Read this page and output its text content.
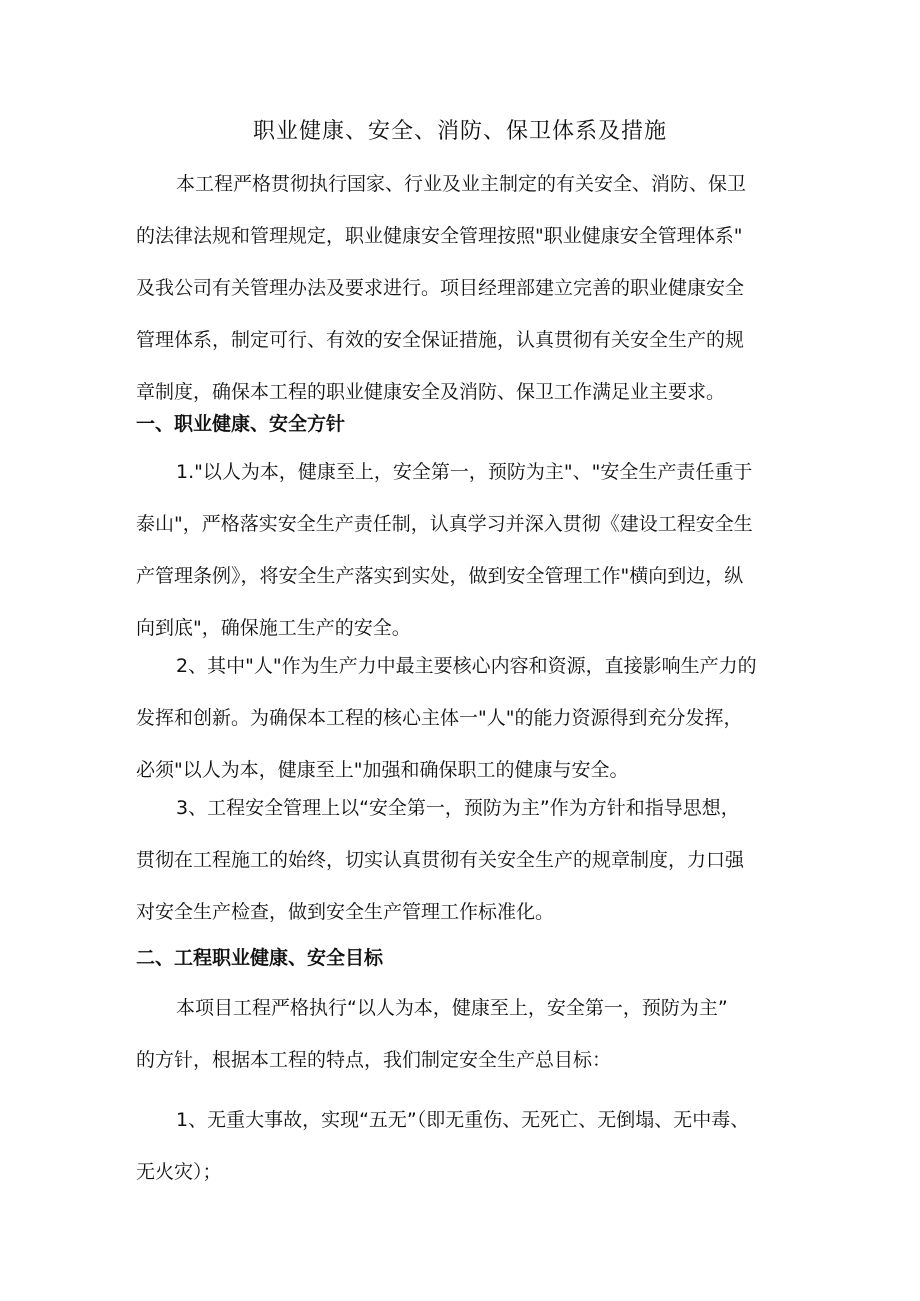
职业健康、安全、消防、保卫体系及措施
本工程严格贯彻执行国家、行业及业主制定的有关安全、消防、保卫
的法律法规和管理规定，职业健康安全管理按照"职业健康安全管理体系"
及我公司有关管理办法及要求进行。项目经理部建立完善的职业健康安全
管理体系，制定可行、有效的安全保证措施，认真贯彻有关安全生产的规
章制度，确保本工程的职业健康安全及消防、保卫工作满足业主要求。
一、职业健康、安全方针
1."以人为本，健康至上，安全第一，预防为主"、"安全生产责任重于
泰山"，严格落实安全生产责任制，认真学习并深入贯彻《建设工程安全生
产管理条例》，将安全生产落实到实处，做到安全管理工作"横向到边，纵
向到底"，确保施工生产的安全。
2、其中"人"作为生产力中最主要核心内容和资源，直接影响生产力的
发挥和创新。为确保本工程的核心主体一"人"的能力资源得到充分发挥，
必须"以人为本，健康至上"加强和确保职工的健康与安全。
3、工程安全管理上以“安全第一，预防为主”作为方针和指导思想，
贯彻在工程施工的始终，切实认真贯彻有关安全生产的规章制度，力口强
对安全生产检查，做到安全生产管理工作标准化。
二、工程职业健康、安全目标
本项目工程严格执行“以人为本，健康至上，安全第一，预防为主”
的方针，根据本工程的特点，我们制定安全生产总目标：
1、无重大事故，实现“五无”（即无重伤、无死亡、无倒塌、无中毒、
无火灾）；
